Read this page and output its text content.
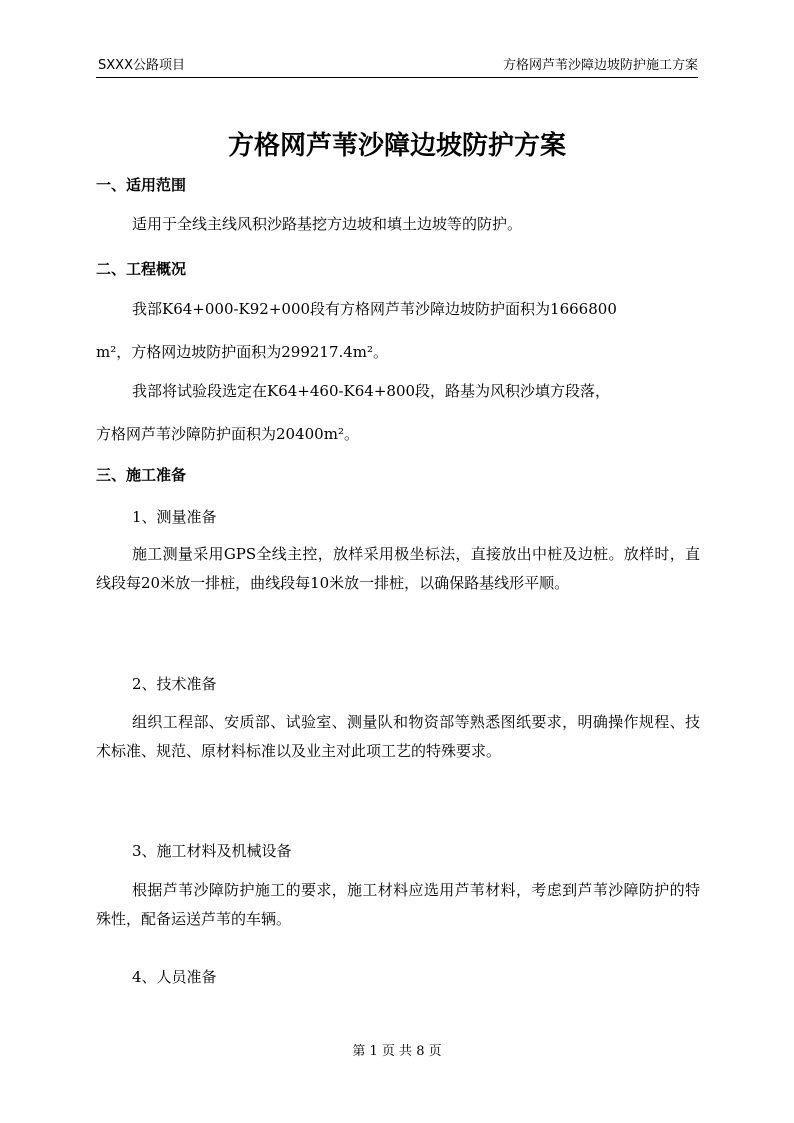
SXXX公路项目	方格网芦苇沙障边坡防护施工方案
方格网芦苇沙障边坡防护方案
一、适用范围
适用于全线主线风积沙路基挖方边坡和填土边坡等的防护。
二、工程概况
我部K64+000-K92+000段有方格网芦苇沙障边坡防护面积为1666800
m²，方格网边坡防护面积为299217.4m²。
我部将试验段选定在K64+460-K64+800段，路基为风积沙填方段落，
方格网芦苇沙障防护面积为20400m²。
三、施工准备
1、测量准备
施工测量采用GPS全线主控，放样采用极坐标法，直接放出中桩及边桩。放样时，直线段每20米放一排桩，曲线段每10米放一排桩，以确保路基线形平顺。
2、技术准备
组织工程部、安质部、试验室、测量队和物资部等熟悉图纸要求，明确操作规程、技术标准、规范、原材料标准以及业主对此项工艺的特殊要求。
3、施工材料及机械设备
根据芦苇沙障防护施工的要求，施工材料应选用芦苇材料，考虑到芦苇沙障防护的特殊性，配备运送芦苇的车辆。
4、人员准备
第 1 页 共 8 页
